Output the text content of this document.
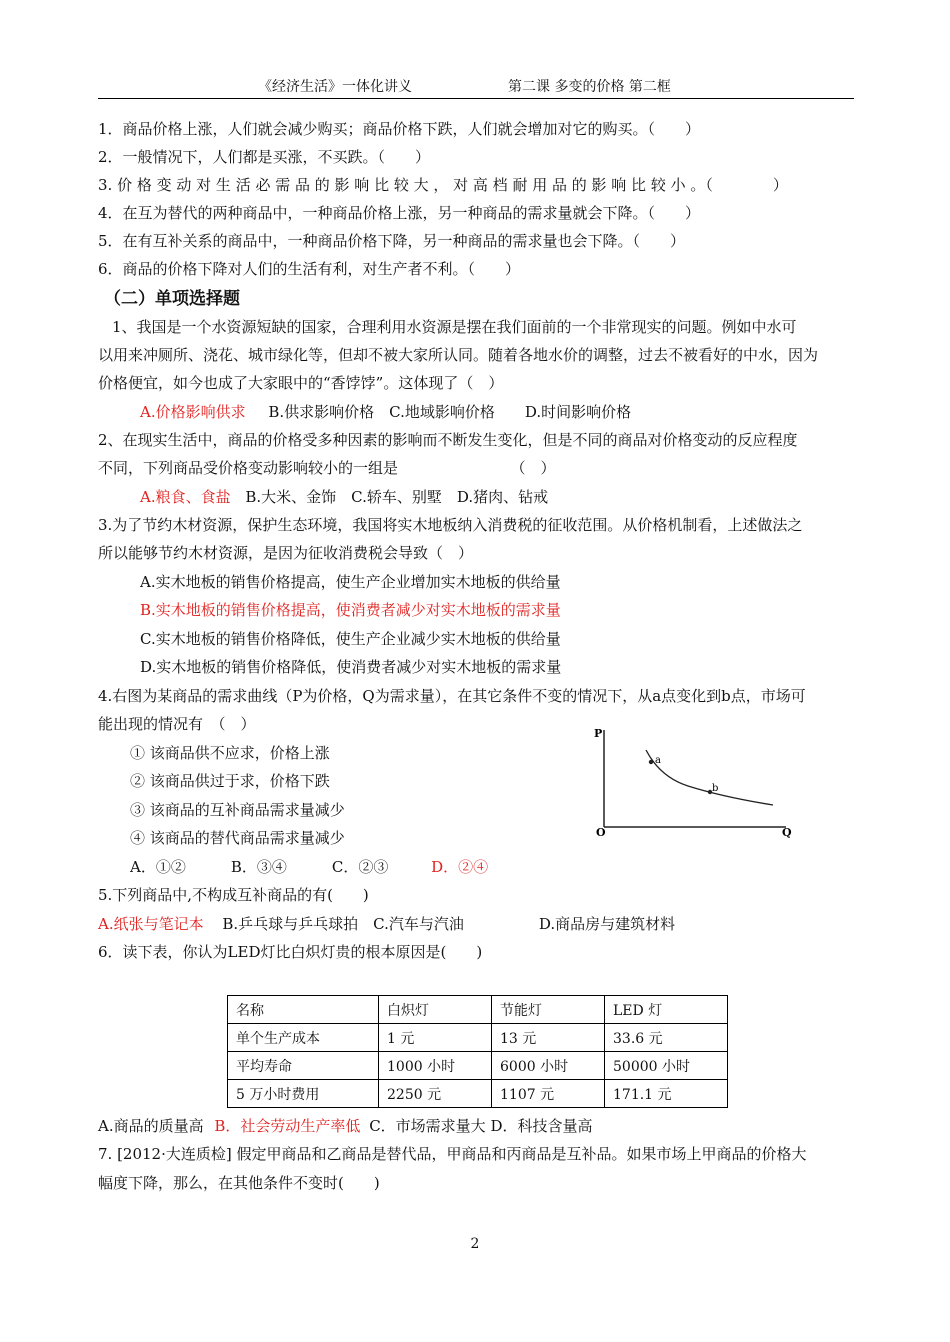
《经济生活》一体化讲义	第二课 多变的价格 第二框
1．商品价格上涨，人们就会减少购买；商品价格下跌，人们就会增加对它的购买。（　　）
2．一般情况下，人们都是买涨，不买跌。（　　）
3. 价 格 变 动 对 生 活 必 需 品 的 影 响 比 较 大 ， 对 高 档 耐 用 品 的 影 响 比 较 小 。（　　　　）
4．在互为替代的两种商品中，一种商品价格上涨，另一种商品的需求量就会下降。（　　）
5．在有互补关系的商品中，一种商品价格下降，另一种商品的需求量也会下降。（　　）
6．商品的价格下降对人们的生活有利，对生产者不利。（　　）
（二）单项选择题
1、我国是一个水资源短缺的国家，合理利用水资源是摆在我们面前的一个非常现实的问题。例如中水可
以用来冲厕所、浇花、城市绿化等，但却不被大家所认同。随着各地水价的调整，过去不被看好的中水，因为
价格便宜，如今也成了大家眼中的“香饽饽”。这体现了（　）
A.价格影响供求 B.供求影响价格　C.地域影响价格　　D.时间影响价格
2、在现实生活中，商品的价格受多种因素的影响而不断发生变化，但是不同的商品对价格变动的反应程度
不同，下列商品受价格变动影响较小的一组是　　　　　　　　（　）
A.粮食、食盐 B.大米、金饰　C.轿车、别墅　D.猪肉、钻戒
3.为了节约木材资源，保护生态环境，我国将实木地板纳入消费税的征收范围。从价格机制看，上述做法之
所以能够节约木材资源，是因为征收消费税会导致（　）
A.实木地板的销售价格提高，使生产企业增加实木地板的供给量
B.实木地板的销售价格提高，使消费者减少对实木地板的需求量
C.实木地板的销售价格降低，使生产企业减少实木地板的供给量
D.实木地板的销售价格降低，使消费者减少对实木地板的需求量
4.右图为某商品的需求曲线（P为价格，Q为需求量），在其它条件不变的情况下，从a点变化到b点，市场可
能出现的情况有　（　）
① 该商品供不应求，价格上涨
② 该商品供过于求，价格下跌
③ 该商品的互补商品需求量减少
④ 该商品的替代商品需求量减少
A．①②　　　B．③④　　　C．②③	D．②④
P
Q
O
a
b
5.下列商品中,不构成互补商品的有(　　)
A.纸张与笔记本 B.乒乓球与乒乓球拍　C.汽车与汽油　　　　　D.商品房与建筑材料
6．读下表，你认为LED灯比白炽灯贵的根本原因是(　　)
名称	白炽灯	节能灯	LED 灯
单个生产成本	1 元	13 元	33.6 元
平均寿命	1000 小时	6000 小时	50000 小时
5 万小时费用	2250 元	1107 元	171.1 元
A.商品的质量高 B．社会劳动生产率低 C．市场需求量大 D．科技含量高
7. [2012·大连质检] 假定甲商品和乙商品是替代品，甲商品和丙商品是互补品。如果市场上甲商品的价格大
幅度下降，那么，在其他条件不变时(　　)
2
